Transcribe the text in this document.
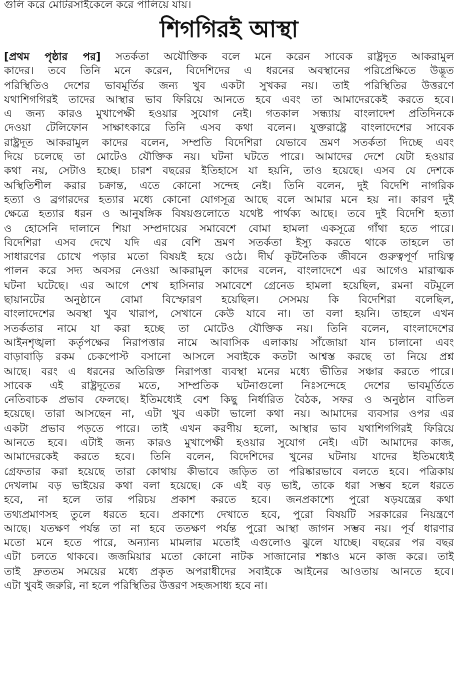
গুলি করে মোটরসাইকেলে করে পালিয়ে যায়।

শিগগিরই আস্থা
[প্রথম পৃষ্ঠার পর] সতর্কতা অযৌক্তিক বলে মনে করেন সাবেক রাষ্ট্রদূত আকরামুল
কাদের। তবে তিনি মনে করেন, বিদেশিদের এ ধরনের অবস্থানের পরিপ্রেক্ষিতে উদ্ভূত
পরিস্থিতিও দেশের ভাবমূর্তির জন্য খুব একটা সুখকর নয়। তাই পরিস্থিতির উত্তরণে
যথাশিগগিরই তাদের আস্থার ভাব ফিরিয়ে আনতে হবে এবং তা আমাদেরকেই করতে হবে।
এ জন্য কারও মুখাপেক্ষী হওয়ার সুযোগ নেই। গতকাল সন্ধ্যায় বাংলাদেশ প্রতিদিনকে
দেওয়া টেলিফোন সাক্ষাৎকারে তিনি এসব কথা বলেন। যুক্তরাষ্ট্রে বাংলাদেশের সাবেক
রাষ্ট্রদূত আকরামুল কাদের বলেন, সম্প্রতি বিদেশিরা যেভাবে ভ্রমণ সতর্কতা দিচ্ছে এবং
দিয়ে চলেছে তা মোটেও যৌক্তিক নয়। ঘটনা ঘটতে পারে। আমাদের দেশে যেটা হওয়ার
কথা নয়, সেটাও হচ্ছে। চারশ বছরের ইতিহাসে যা হয়নি, তাও হয়েছে। এসব যে দেশকে
অস্থিতিশীল করার চক্রান্ত, এতে কোনো সন্দেহ নেই। তিনি বলেন, দুই বিদেশি নাগরিক
হত্যা ও ব্রগারদের হত্যার মধ্যে কোনো যোগসূত্র আছে বলে আমার মনে হয় না। কারণ দুই
ক্ষেত্রে হত্যার ধরন ও আনুষঙ্গিক বিষয়গুলোতে যথেষ্ট পার্থক্য আছে। তবে দুই বিদেশি হত্যা
ও হোসেনি দালানে শিয়া সম্প্রদায়ের সমাবেশে বোমা হামলা একসূত্রে গাঁথা হতে পারে।
বিদেশিরা এসব দেখে যদি এর বেশি ভ্রমণ সতর্কতা ইস্যু করতে থাকে তাহলে তা
সাধারণের চোখে পড়ার মতো বিষয়ই হয়ে ওঠে। দীর্ঘ কূটনৈতিক জীবনে গুরুত্বপূর্ণ দায়িত্ব
পালন করে সদ্য অবসর নেওয়া আকরামুল কাদের বলেন, বাংলাদেশে এর আগেও মারাত্মক
ঘটনা ঘটেছে। এর আগে শেখ হাসিনার সমাবেশে গ্রেনেড হামলা হয়েছিল, রমনা বটমূলে
ছায়ানটের অনুষ্ঠানে বোমা বিস্ফোরণ হয়েছিল। সেসময় কি বিদেশিরা বলেছিল,
বাংলাদেশের অবস্থা খুব খারাপ, সেখানে কেউ যাবে না। তা বলা হয়নি। তাহলে এখন
সতর্কতার নামে যা করা হচ্ছে তা মোটেও যৌক্তিক নয়। তিনি বলেন, বাংলাদেশের
আইনশৃঙ্খলা কর্তৃপক্ষের নিরাপত্তার নামে আবাসিক এলাকায় সাঁজোয়া যান চালানো এবং
বাড়াবাড়ি রকম চেকপোস্ট বসানো আসলে সবাইকে কতটা আশ্বস্ত করছে তা নিয়ে প্রশ্ন
আছে। বরং এ ধরনের অতিরিক্ত নিরাপত্তা ব্যবস্থা মনের মধ্যে ভীতির সঞ্চার করতে পারে।
সাবেক এই রাষ্ট্রদূতের মতে, সাম্প্রতিক ঘটনাগুলো নিঃসন্দেহে দেশের ভাবমূর্তিতে
নেতিবাচক প্রভাব ফেলছে। ইতিমধ্যেই বেশ কিছু নির্ধারিত বৈঠক, সফর ও অনুষ্ঠান বাতিল
হয়েছে। তারা আসছেন না, এটা খুব একটা ভালো কথা নয়। আমাদের ব্যবসার ওপর এর
একটা প্রভাব পড়তে পারে। তাই এখন করণীয় হলো, আস্থার ভাব যথাশিগগিরই ফিরিয়ে
আনতে হবে। এটাই জন্য কারও মুখাপেক্ষী হওয়ার সুযোগ নেই। এটা আমাদের কাজ,
আমাদেরকেই করতে হবে। তিনি বলেন, বিদেশিদের খুনের ঘটনায় যাদের ইতিমধ্যেই
গ্রেফতার করা হয়েছে তারা কোথায় কীভাবে জড়িত তা পরিষ্কারভাবে বলতে হবে। পত্রিকায়
দেখলাম বড় ভাইয়ের কথা বলা হয়েছে। কে এই বড় ভাই, তাকে ধরা সম্ভব হলে ধরতে
হবে, না হলে তার পরিচয় প্রকাশ করতে হবে। জনপ্রকাশ্যে পুরো ষড়যন্ত্রের কথা
তথ্যপ্রমাণসহ তুলে ধরতে হবে। প্রকাশ্যে দেখাতে হবে, পুরো বিষয়টি সরকারের নিয়ন্ত্রণে
আছে। যতক্ষণ পর্যন্ত তা না হবে ততক্ষণ পর্যন্ত পুরো আস্থা জাগন সম্ভব নয়। পূর্ব ধারণার
মতো মনে হতে পারে, অন্যান্য মামলার মতোই এগুলোও ঝুলে যাচ্ছে। বছরের পর বছর
এটা চলতে থাকবে। জজমিয়ার মতো কোনো নাটক সাজানোর শঙ্কাও মনে কাজ করে। তাই
তাই দ্রুততম সময়ের মধ্যে প্রকৃত অপরাধীদের সবাইকে আইনের আওতায় আনতে হবে।
এটা খুবই জরুরি, না হলে পরিস্থিতির উত্তরণ সহজসাধ্য হবে না।
